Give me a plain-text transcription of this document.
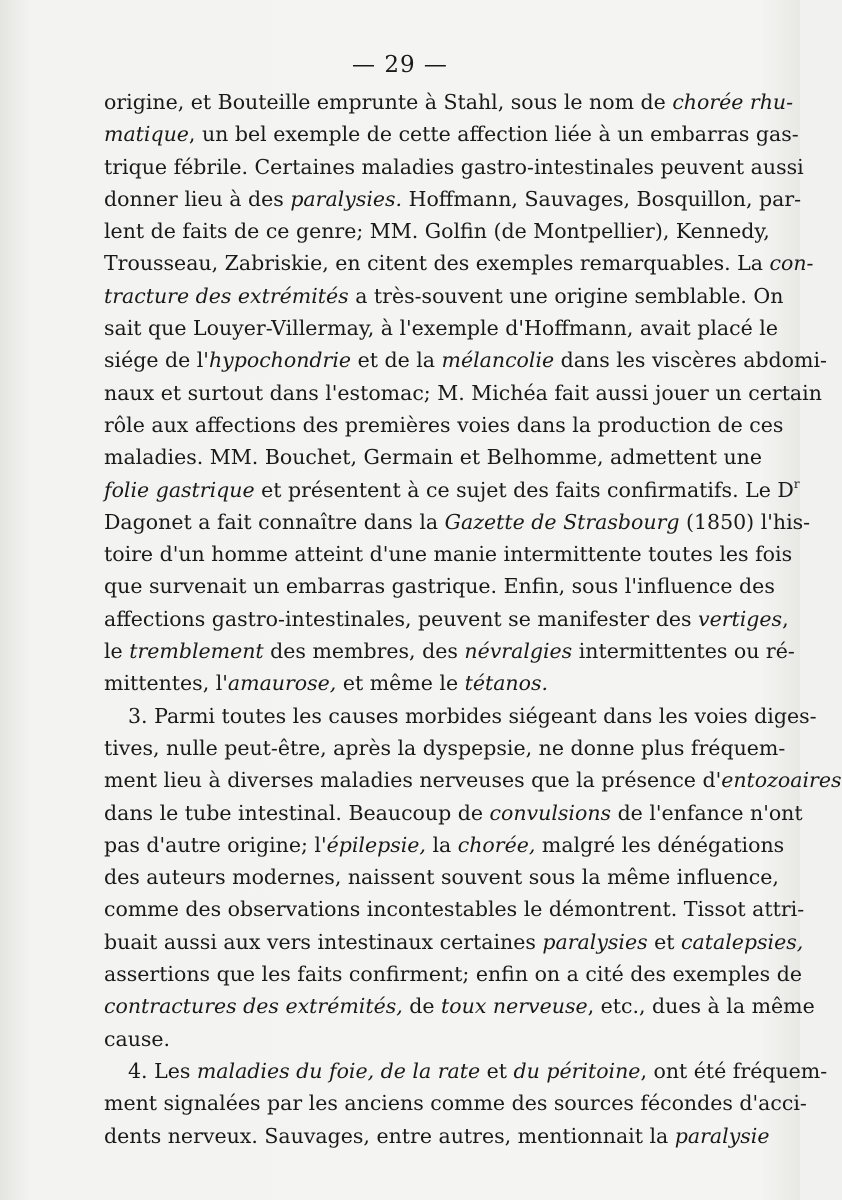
— 29 —
origine, et Bouteille emprunte à Stahl, sous le nom de chorée rhu-
matique, un bel exemple de cette affection liée à un embarras gas-
trique fébrile. Certaines maladies gastro-intestinales peuvent aussi
donner lieu à des paralysies. Hoffmann, Sauvages, Bosquillon, par-
lent de faits de ce genre; MM. Golfin (de Montpellier), Kennedy,
Trousseau, Zabriskie, en citent des exemples remarquables. La con-
tracture des extrémités a très-souvent une origine semblable. On
sait que Louyer-Villermay, à l'exemple d'Hoffmann, avait placé le
siége de l'hypochondrie et de la mélancolie dans les viscères abdomi-
naux et surtout dans l'estomac; M. Michéa fait aussi jouer un certain
rôle aux affections des premières voies dans la production de ces
maladies. MM. Bouchet, Germain et Belhomme, admettent une
folie gastrique et présentent à ce sujet des faits confirmatifs. Le $D^r$
Dagonet a fait connaître dans la Gazette de Strasbourg (1850) l'his-
toire d'un homme atteint d'une manie intermittente toutes les fois
que survenait un embarras gastrique. Enfin, sous l'influence des
affections gastro-intestinales, peuvent se manifester des vertiges,
le tremblement des membres, des névralgies intermittentes ou ré-
mittentes, l'amaurose, et même le tétanos.
3. Parmi toutes les causes morbides siégeant dans les voies diges-
tives, nulle peut-être, après la dyspepsie, ne donne plus fréquem-
ment lieu à diverses maladies nerveuses que la présence d'entozoaires
dans le tube intestinal. Beaucoup de convulsions de l'enfance n'ont
pas d'autre origine; l'épilepsie, la chorée, malgré les dénégations
des auteurs modernes, naissent souvent sous la même influence,
comme des observations incontestables le démontrent. Tissot attri-
buait aussi aux vers intestinaux certaines paralysies et catalepsies,
assertions que les faits confirment; enfin on a cité des exemples de
contractures des extrémités, de toux nerveuse, etc., dues à la même
cause.
4. Les maladies du foie, de la rate et du péritoine, ont été fréquem-
ment signalées par les anciens comme des sources fécondes d'acci-
dents nerveux. Sauvages, entre autres, mentionnait la paralysie
